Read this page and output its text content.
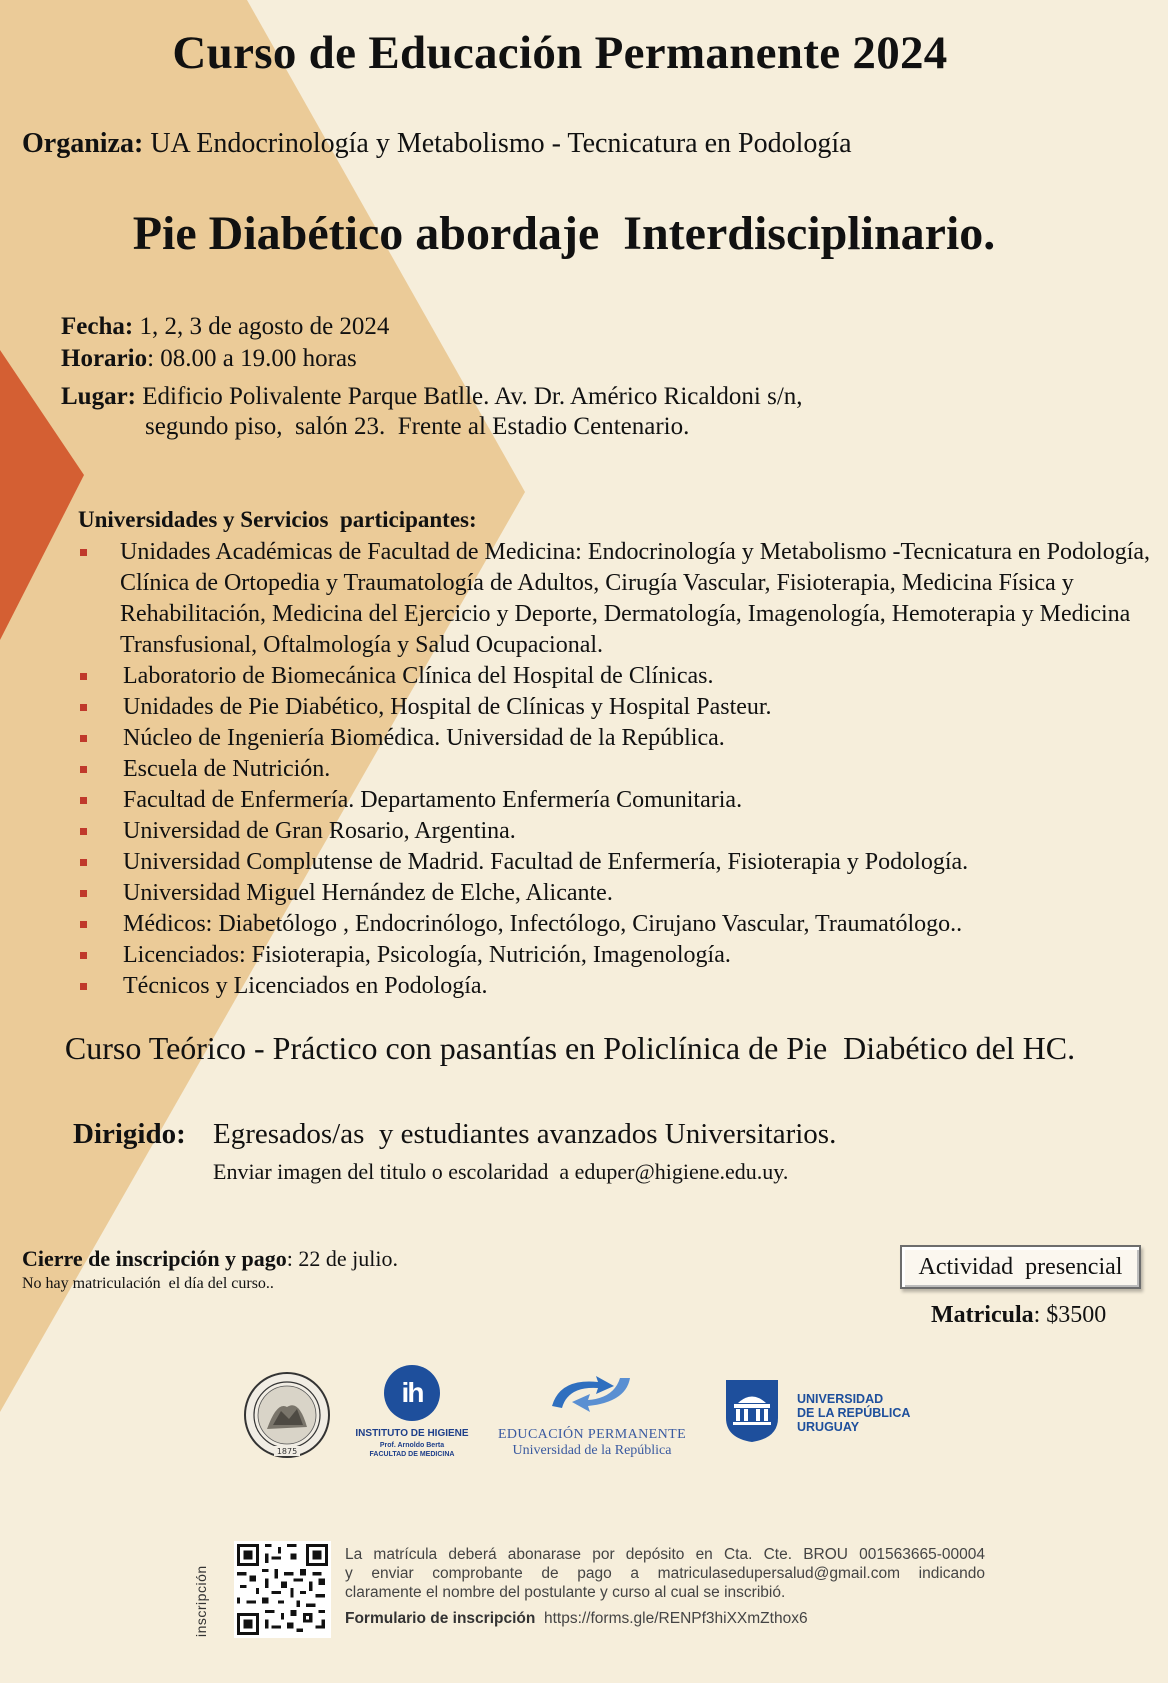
Curso de Educación Permanente 2024
Organiza: UA Endocrinología y Metabolismo - Tecnicatura en Podología
Pie Diabético abordaje  Interdisciplinario.
Fecha: 1, 2, 3 de agosto de 2024
Horario: 08.00 a 19.00 horas
Lugar: Edificio Polivalente Parque Batlle. Av. Dr. Américo Ricaldoni s/n,
segundo piso,  salón 23.  Frente al Estadio Centenario.
Universidades y Servicios  participantes:
Unidades Académicas de Facultad de Medicina: Endocrinología y Metabolismo -Tecnicatura en Podología, Clínica de Ortopedia y Traumatología de Adultos, Cirugía Vascular, Fisioterapia, Medicina Física y Rehabilitación, Medicina del Ejercicio y Deporte, Dermatología, Imagenología, Hemoterapia y Medicina Transfusional, Oftalmología y Salud Ocupacional.
Laboratorio de Biomecánica Clínica del Hospital de Clínicas.
Unidades de Pie Diabético, Hospital de Clínicas y Hospital Pasteur.
Núcleo de Ingeniería Biomédica. Universidad de la República.
Escuela de Nutrición.
Facultad de Enfermería. Departamento Enfermería Comunitaria.
Universidad de Gran Rosario, Argentina.
Universidad Complutense de Madrid. Facultad de Enfermería, Fisioterapia y Podología.
Universidad Miguel Hernández de Elche, Alicante.
Médicos: Diabetólogo , Endocrinólogo, Infectólogo, Cirujano Vascular, Traumatólogo..
Licenciados: Fisioterapia, Psicología, Nutrición, Imagenología.
Técnicos y Licenciados en Podología.
Curso Teórico - Práctico con pasantías en Policlínica de Pie  Diabético del HC.
Dirigido: Egresados/as  y estudiantes avanzados Universitarios.
Enviar imagen del titulo o escolaridad  a eduper@higiene.edu.uy.
Cierre de inscripción y pago: 22 de julio.
No hay matriculación  el día del curso..
Actividad  presencial
Matricula: $3500
1875
ih
INSTITUTO DE HIGIENE
Prof. Arnoldo Berta
FACULTAD DE MEDICINA
EDUCACIÓN PERMANENTE
Universidad de la República
UNIVERSIDAD
DE LA REPÚBLICA
URUGUAY
inscripción
La matrícula deberá abonarase por depósito en Cta. Cte. BROU 001563665-00004
y enviar comprobante de pago a matriculasedupersalud@gmail.com indicando
claramente el nombre del postulante y curso al cual se inscribió.
Formulario de inscripción https://forms.gle/RENPf3hiXXmZthox6
